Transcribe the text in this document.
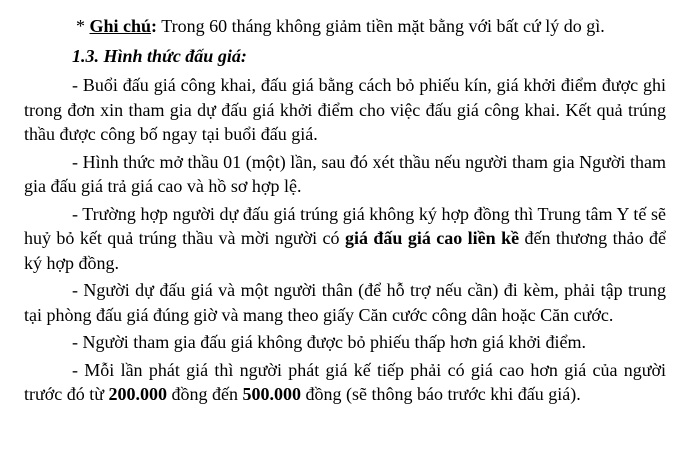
* Ghi chú: Trong 60 tháng không giảm tiền mặt bằng với bất cứ lý do gì.

1.3. Hình thức đấu giá:

- Buổi đấu giá công khai, đấu giá bằng cách bỏ phiếu kín, giá khởi điểm được ghi trong đơn xin tham gia dự đấu giá khởi điểm cho việc đấu giá công khai. Kết quả trúng thầu được công bố ngay tại buổi đấu giá.

- Hình thức mở thầu 01 (một) lần, sau đó xét thầu nếu người tham gia Người tham gia đấu giá trả giá cao và hồ sơ hợp lệ.

- Trường hợp người dự đấu giá trúng giá không ký hợp đồng thì Trung tâm Y tế sẽ huỷ bỏ kết quả trúng thầu và mời người có giá đấu giá cao liền kề đến thương thảo để ký hợp đồng.

- Người dự đấu giá và một người thân (để hỗ trợ nếu cần) đi kèm, phải tập trung tại phòng đấu giá đúng giờ và mang theo giấy Căn cước công dân hoặc Căn cước.

- Người tham gia đấu giá không được bỏ phiếu thấp hơn giá khởi điểm.

- Mỗi lần phát giá thì người phát giá kế tiếp phải có giá cao hơn giá của người trước đó từ 200.000 đồng đến 500.000 đồng (sẽ thông báo trước khi đấu giá).
